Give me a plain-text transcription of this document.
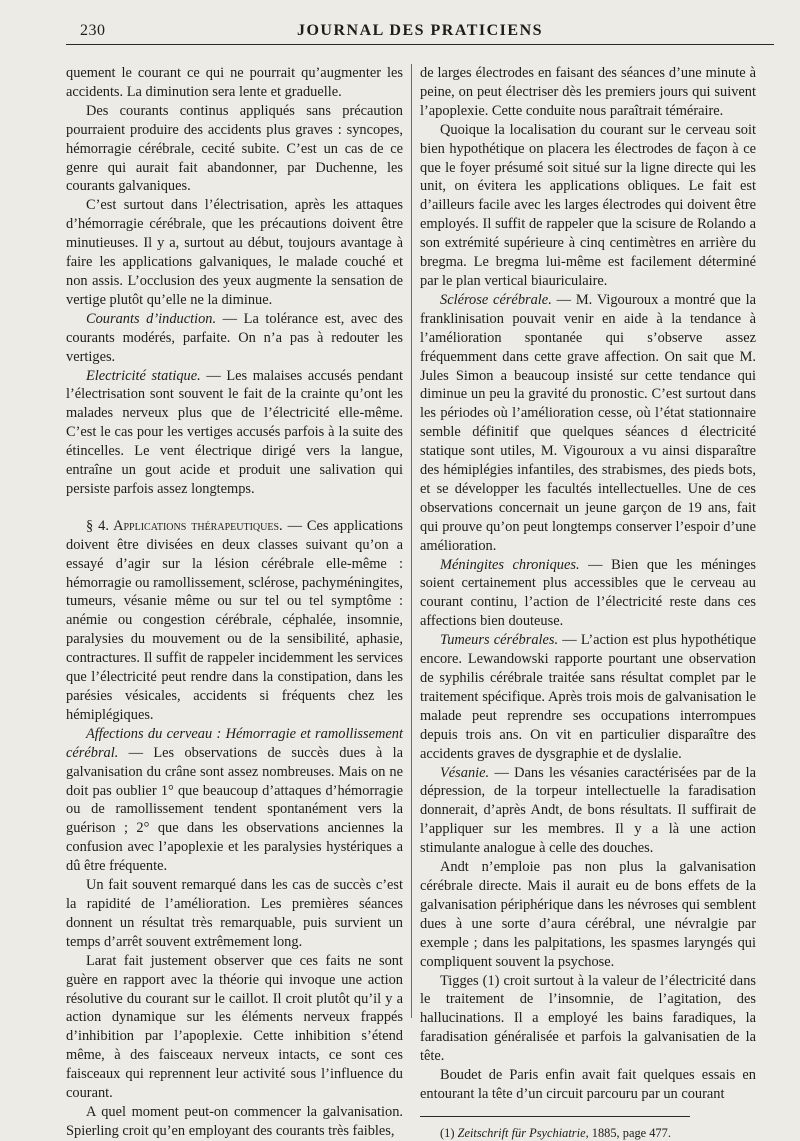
230	JOURNAL DES PRATICIENS

quement le courant ce qui ne pourrait qu’augmenter les accidents. La diminution sera lente et graduelle.

Des courants continus appliqués sans précaution pourraient produire des accidents plus graves : syncopes, hémorragie cérébrale, cecité subite. C’est un cas de ce genre qui aurait fait abandonner, par Duchenne, les courants galvaniques.

C’est surtout dans l’électrisation, après les attaques d’hémorragie cérébrale, que les précautions doivent être minutieuses. Il y a, surtout au début, toujours avantage à faire les applications galvaniques, le malade couché et non assis. L’occlusion des yeux augmente la sensation de vertige plutôt qu’elle ne la diminue.

Courants d’induction. — La tolérance est, avec des courants modérés, parfaite. On n’a pas à redouter les vertiges.

Electricité statique. — Les malaises accusés pendant l’électrisation sont souvent le fait de la crainte qu’ont les malades nerveux plus que de l’électricité elle-même. C’est le cas pour les vertiges accusés parfois à la suite des étincelles. Le vent électrique dirigé vers la langue, entraîne un gout acide et produit une salivation qui persiste parfois assez longtemps.

§ 4. Applications thérapeutiques. — Ces applications doivent être divisées en deux classes suivant qu’on a essayé d’agir sur la lésion cérébrale elle-même : hémorragie ou ramollissement, sclérose, pachyméningites, tumeurs, vésanie même ou sur tel ou tel symptôme : anémie ou congestion cérébrale, céphalée, insomnie, paralysies du mouvement ou de la sensibilité, aphasie, contractures. Il suffit de rappeler incidemment les services que l’électricité peut rendre dans la constipation, dans les parésies vésicales, accidents si fréquents chez les hémiplégiques.

Affections du cerveau : Hémorragie et ramollissement cérébral. — Les observations de succès dues à la galvanisation du crâne sont assez nombreuses. Mais on ne doit pas oublier 1° que beaucoup d’attaques d’hémorragie ou de ramollissement tendent spontanément vers la guérison ; 2° que dans les observations anciennes la confusion avec l’apoplexie et les paralysies hystériques a dû être fréquente.

Un fait souvent remarqué dans les cas de succès c’est la rapidité de l’amélioration. Les premières séances donnent un résultat très remarquable, puis survient un temps d’arrêt souvent extrêmement long.

Larat fait justement observer que ces faits ne sont guère en rapport avec la théorie qui invoque une action résolutive du courant sur le caillot. Il croit plutôt qu’il y a action dynamique sur les éléments nerveux frappés d’inhibition par l’apoplexie. Cette inhibition s’étend même, à des faisceaux nerveux intacts, ce sont ces faisceaux qui reprennent leur activité sous l’influence du courant.

A quel moment peut-on commencer la galvanisation. Spierling croit qu’en employant des courants très faibles,

de larges électrodes en faisant des séances d’une minute à peine, on peut électriser dès les premiers jours qui suivent l’apoplexie. Cette conduite nous paraîtrait téméraire.

Quoique la localisation du courant sur le cerveau soit bien hypothétique on placera les électrodes de façon à ce que le foyer présumé soit situé sur la ligne directe qui les unit, on évitera les applications obliques. Le fait est d’ailleurs facile avec les larges électrodes qui doivent être employés. Il suffit de rappeler que la scisure de Rolando a son extrémité supérieure à cinq centimètres en arrière du bregma. Le bregma lui-même est facilement déterminé par le plan vertical biauriculaire.

Sclérose cérébrale. — M. Vigouroux a montré que la franklinisation pouvait venir en aide à la tendance à l’amélioration spontanée qui s’observe assez fréquemment dans cette grave affection. On sait que M. Jules Simon a beaucoup insisté sur cette tendance qui diminue un peu la gravité du pronostic. C’est surtout dans les périodes où l’amélioration cesse, où l’état stationnaire semble définitif que quelques séances d électricité statique sont utiles, M. Vigouroux a vu ainsi disparaître des hémiplégies infantiles, des strabismes, des pieds bots, et se développer les facultés intellectuelles. Une de ces observations concernait un jeune garçon de 19 ans, fait qui prouve qu’on peut longtemps conserver l’espoir d’une amélioration.

Méningites chroniques. — Bien que les méninges soient certainement plus accessibles que le cerveau au courant continu, l’action de l’électricité reste dans ces affections bien douteuse.

Tumeurs cérébrales. — L’action est plus hypothétique encore. Lewandowski rapporte pourtant une observation de syphilis cérébrale traitée sans résultat complet par le traitement spécifique. Après trois mois de galvanisation le malade peut reprendre ses occupations interrompues depuis trois ans. On vit en particulier disparaître des accidents graves de dysgraphie et de dyslalie.

Vésanie. — Dans les vésanies caractérisées par de la dépression, de la torpeur intellectuelle la faradisation donnerait, d’après Andt, de bons résultats. Il suffirait de l’appliquer sur les membres. Il y a là une action stimulante analogue à celle des douches.

Andt n’emploie pas non plus la galvanisation cérébrale directe. Mais il aurait eu de bons effets de la galvanisation périphérique dans les névroses qui semblent dues à une sorte d’aura cérébral, une névralgie par exemple ; dans les palpitations, les spasmes laryngés qui compliquent souvent la psychose.

Tigges (1) croit surtout à la valeur de l’électricité dans le traitement de l’insomnie, de l’agitation, des hallucinations. Il a employé les bains faradiques, la faradisation généralisée et parfois la galvanisatien de la tête.

Boudet de Paris enfin avait fait quelques essais en entourant la tête d’un circuit parcouru par un courant

(1) Zeitschrift für Psychiatrie, 1885, page 477.
